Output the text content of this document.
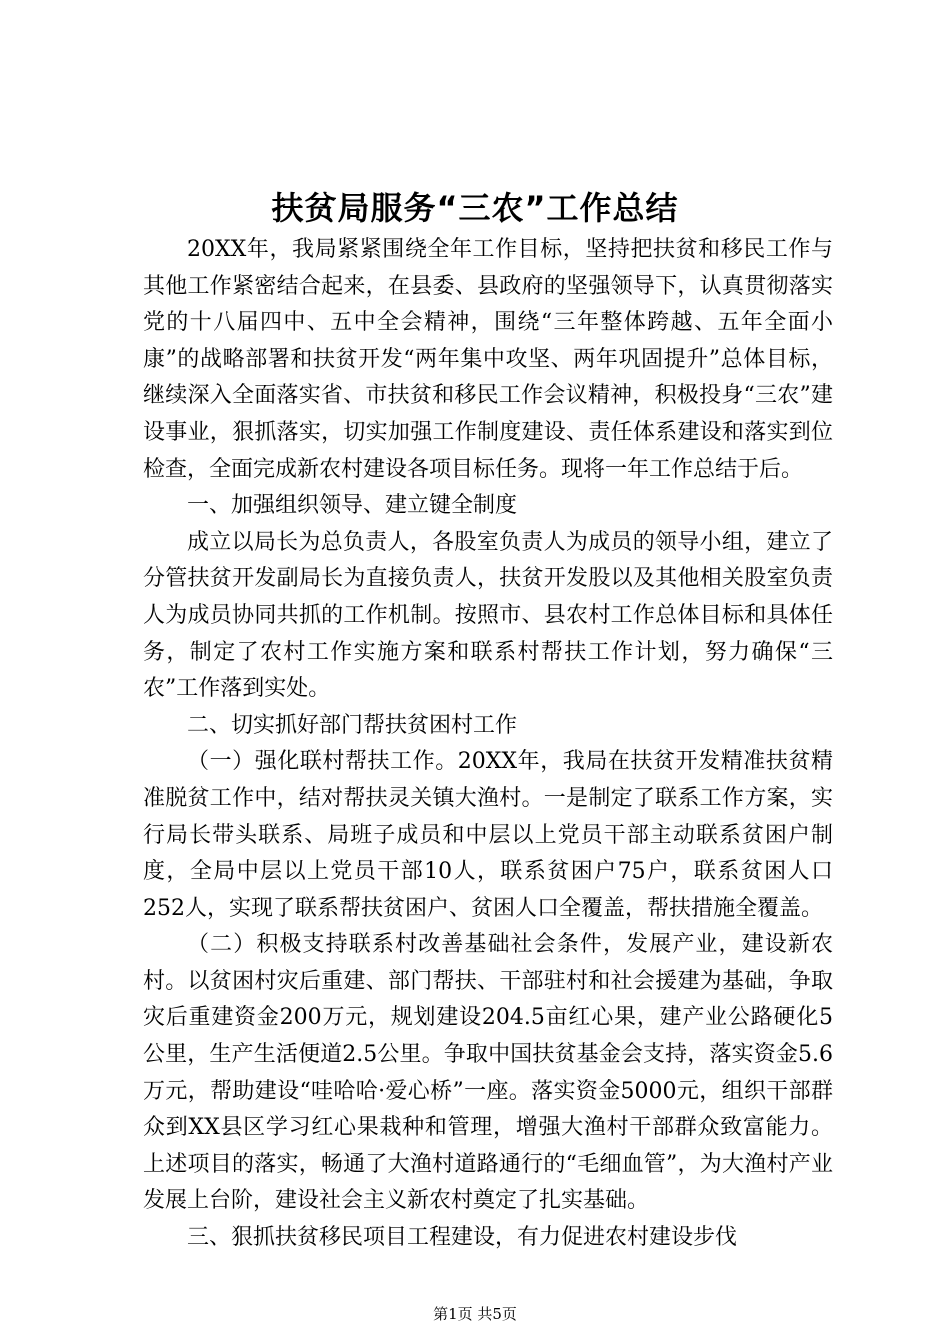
扶贫局服务“三农”工作总结

20XX年，我局紧紧围绕全年工作目标，坚持把扶贫和移民工作与其他工作紧密结合起来，在县委、县政府的坚强领导下，认真贯彻落实党的十八届四中、五中全会精神，围绕“三年整体跨越、五年全面小康”的战略部署和扶贫开发“两年集中攻坚、两年巩固提升”总体目标，继续深入全面落实省、市扶贫和移民工作会议精神，积极投身“三农”建设事业，狠抓落实，切实加强工作制度建设、责任体系建设和落实到位检查，全面完成新农村建设各项目标任务。现将一年工作总结于后。

一、加强组织领导、建立键全制度

成立以局长为总负责人，各股室负责人为成员的领导小组，建立了分管扶贫开发副局长为直接负责人，扶贫开发股以及其他相关股室负责人为成员协同共抓的工作机制。按照市、县农村工作总体目标和具体任务，制定了农村工作实施方案和联系村帮扶工作计划，努力确保“三农”工作落到实处。

二、切实抓好部门帮扶贫困村工作

（一）强化联村帮扶工作。20XX年，我局在扶贫开发精准扶贫精准脱贫工作中，结对帮扶灵关镇大渔村。一是制定了联系工作方案，实行局长带头联系、局班子成员和中层以上党员干部主动联系贫困户制度，全局中层以上党员干部10人，联系贫困户75户，联系贫困人口252人，实现了联系帮扶贫困户、贫困人口全覆盖，帮扶措施全覆盖。

（二）积极支持联系村改善基础社会条件，发展产业，建设新农村。以贫困村灾后重建、部门帮扶、干部驻村和社会援建为基础，争取灾后重建资金200万元，规划建设204.5亩红心果，建产业公路硬化5公里，生产生活便道2.5公里。争取中国扶贫基金会支持，落实资金5.6万元，帮助建设“哇哈哈·爱心桥”一座。落实资金5000元，组织干部群众到XX县区学习红心果栽种和管理，增强大渔村干部群众致富能力。上述项目的落实，畅通了大渔村道路通行的“毛细血管”，为大渔村产业发展上台阶，建设社会主义新农村奠定了扎实基础。

三、狠抓扶贫移民项目工程建设，有力促进农村建设步伐

第1页 共5页
